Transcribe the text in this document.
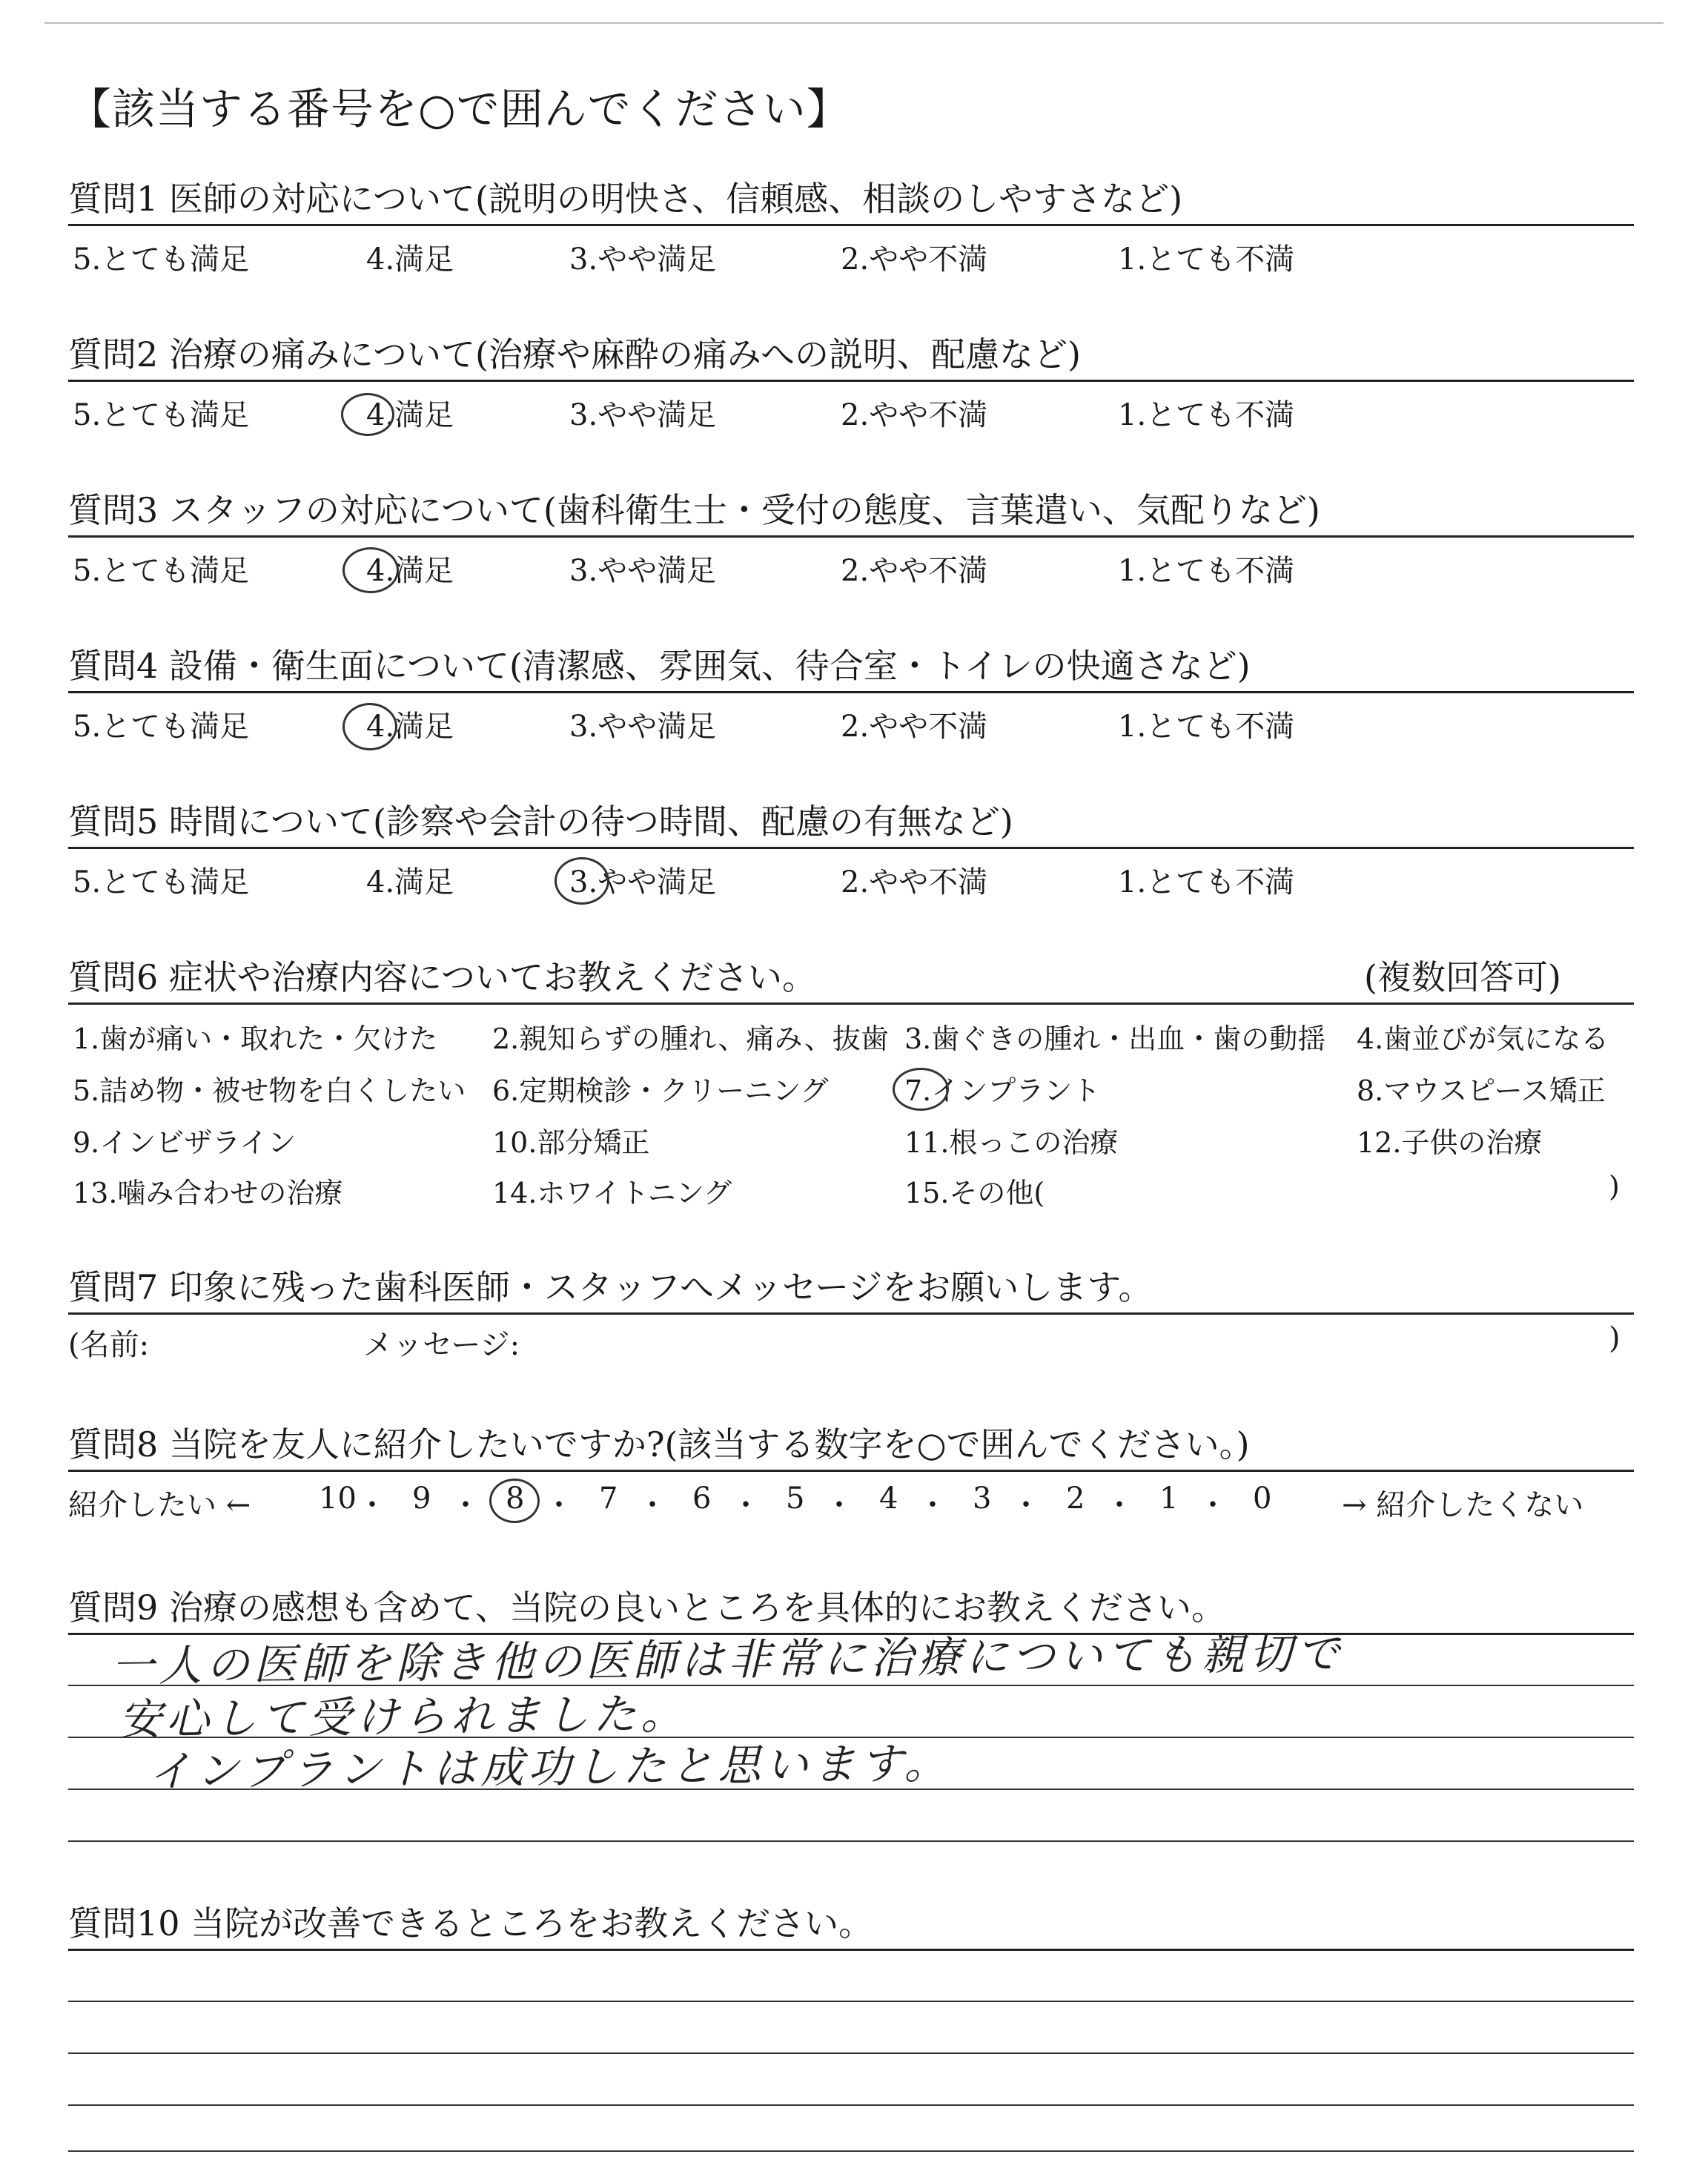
【該当する番号を○で囲んでください】
質問1 医師の対応について(説明の明快さ、信頼感、相談のしやすさなど)
5.とても満足	4.満足	3.やや満足	2.やや不満	1.とても不満
質問2 治療の痛みについて(治療や麻酔の痛みへの説明、配慮など)
5.とても満足	4.満足	3.やや満足	2.やや不満	1.とても不満
質問3 スタッフの対応について(歯科衛生士・受付の態度、言葉遣い、気配りなど)
5.とても満足	4.満足	3.やや満足	2.やや不満	1.とても不満
質問4 設備・衛生面について(清潔感、雰囲気、待合室・トイレの快適さなど)
5.とても満足	4.満足	3.やや満足	2.やや不満	1.とても不満
質問5 時間について(診察や会計の待つ時間、配慮の有無など)
5.とても満足	4.満足	3.やや満足	2.やや不満	1.とても不満
質問6 症状や治療内容についてお教えください。	(複数回答可)
1.歯が痛い・取れた・欠けた 2.親知らずの腫れ、痛み、抜歯 3.歯ぐきの腫れ・出血・歯の動揺 4.歯並びが気になる
5.詰め物・被せ物を白くしたい 6.定期検診・クリーニング	7.インプラント	8.マウスピース矯正
9.インビザライン	10.部分矯正	11.根っこの治療	12.子供の治療
13.噛み合わせの治療	14.ホワイトニング	15.その他(	)
質問7 印象に残った歯科医師・スタッフへメッセージをお願いします。
(名前:	メッセージ:	)
質問8 当院を友人に紹介したいですか?(該当する数字を○で囲んでください。)
紹介したい ← 10 ・ 9 ・ 8 ・ 7 ・ 6 ・ 5 ・ 4 ・ 3 ・ 2 ・ 1 ・ 0 → 紹介したくない
質問9 治療の感想も含めて、当院の良いところを具体的にお教えください。
一人の医師を除き他の医師は非常に治療についても親切で
安心して受けられました。
インプラントは成功したと思います。
質問10 当院が改善できるところをお教えください。
